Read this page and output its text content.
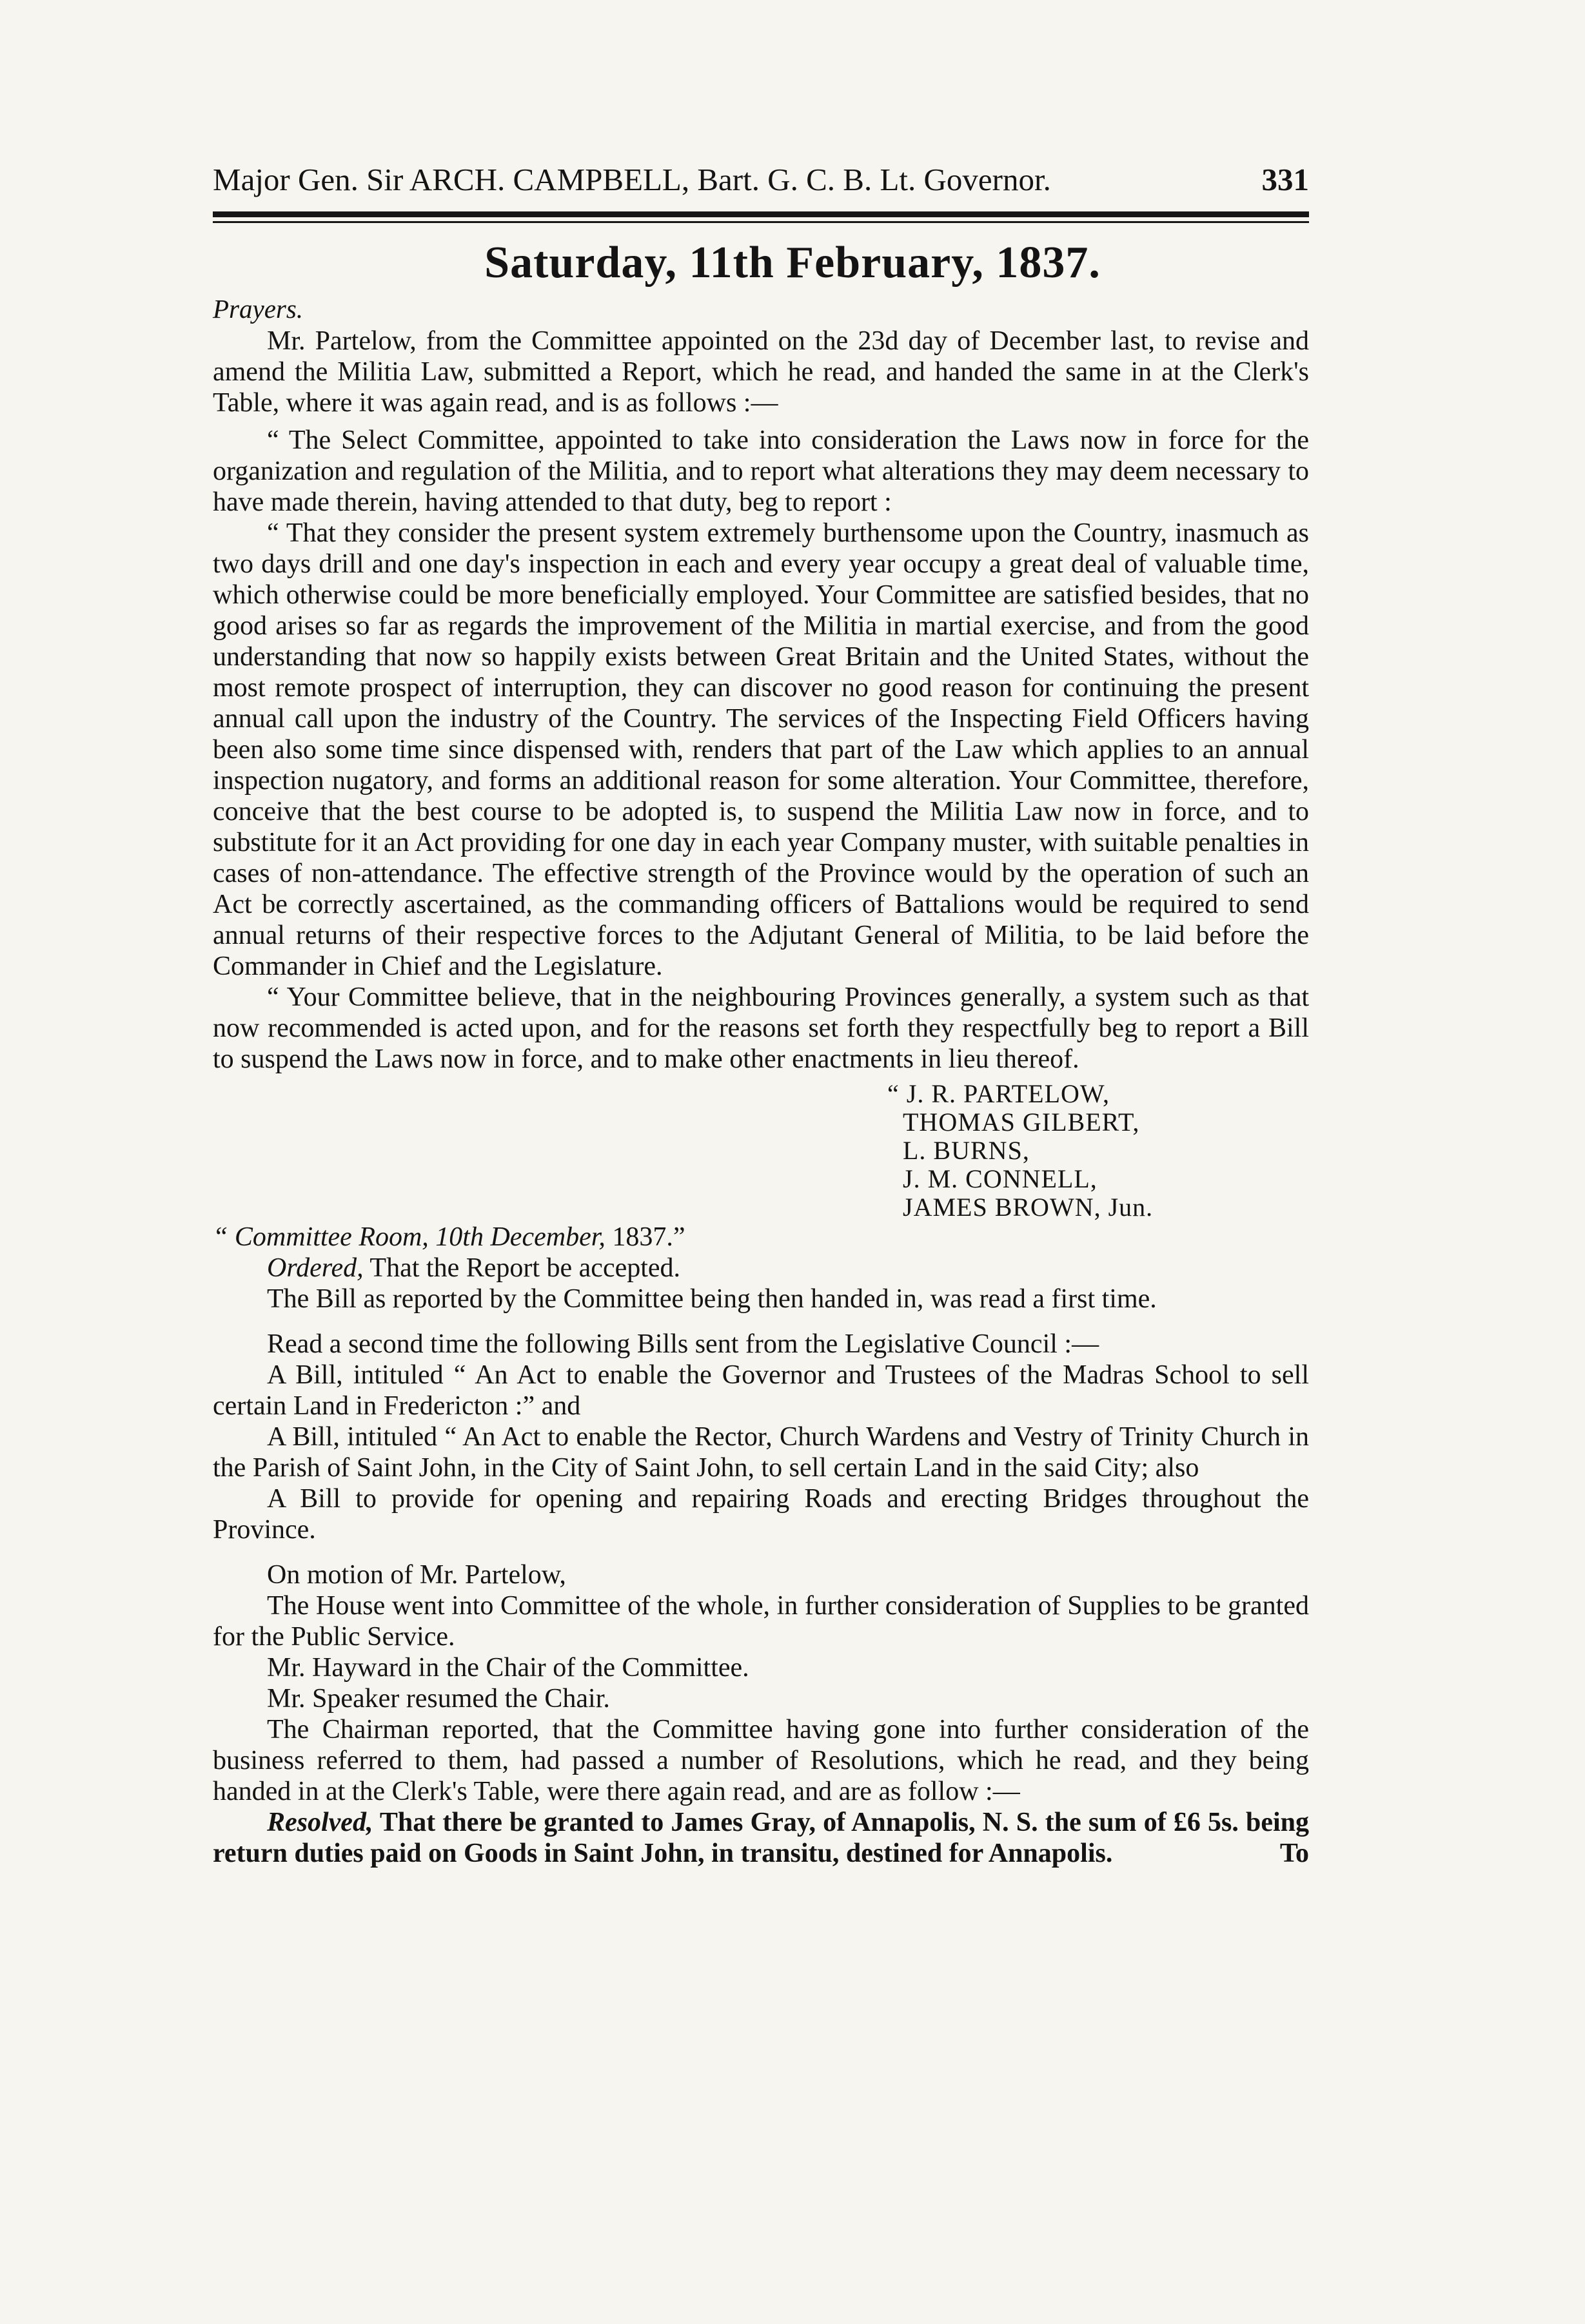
Major Gen. Sir ARCH. CAMPBELL, Bart. G. C. B. Lt. Governor.	331
Saturday, 11th February, 1837.
Prayers.

Mr. Partelow, from the Committee appointed on the 23d day of December last, to revise and amend the Militia Law, submitted a Report, which he read, and handed the same in at the Clerk's Table, where it was again read, and is as follows :—

“ The Select Committee, appointed to take into consideration the Laws now in force for the organization and regulation of the Militia, and to report what alterations they may deem necessary to have made therein, having attended to that duty, beg to report :

“ That they consider the present system extremely burthensome upon the Country, inasmuch as two days drill and one day's inspection in each and every year occupy a great deal of valuable time, which otherwise could be more beneficially employed. Your Committee are satisfied besides, that no good arises so far as regards the improvement of the Militia in martial exercise, and from the good understanding that now so happily exists between Great Britain and the United States, without the most remote prospect of interruption, they can discover no good reason for continuing the present annual call upon the industry of the Country. The services of the Inspecting Field Officers having been also some time since dispensed with, renders that part of the Law which applies to an annual inspection nugatory, and forms an additional reason for some alteration. Your Committee, therefore, conceive that the best course to be adopted is, to suspend the Militia Law now in force, and to substitute for it an Act providing for one day in each year Company muster, with suitable penalties in cases of non-attendance. The effective strength of the Province would by the operation of such an Act be correctly ascertained, as the commanding officers of Battalions would be required to send annual returns of their respective forces to the Adjutant General of Militia, to be laid before the Commander in Chief and the Legislature.

“ Your Committee believe, that in the neighbouring Provinces generally, a system such as that now recommended is acted upon, and for the reasons set forth they respectfully beg to report a Bill to suspend the Laws now in force, and to make other enactments in lieu thereof.

“ J. R. PARTELOW,
THOMAS GILBERT,
L. BURNS,
J. M. CONNELL,
JAMES BROWN, Jun.

“ Committee Room, 10th December, 1837.”

Ordered, That the Report be accepted.

The Bill as reported by the Committee being then handed in, was read a first time.

Read a second time the following Bills sent from the Legislative Council :—

A Bill, intituled “ An Act to enable the Governor and Trustees of the Madras School to sell certain Land in Fredericton :” and

A Bill, intituled “ An Act to enable the Rector, Church Wardens and Vestry of Trinity Church in the Parish of Saint John, in the City of Saint John, to sell certain Land in the said City; also

A Bill to provide for opening and repairing Roads and erecting Bridges throughout the Province.

On motion of Mr. Partelow,

The House went into Committee of the whole, in further consideration of Supplies to be granted for the Public Service.

Mr. Hayward in the Chair of the Committee.

Mr. Speaker resumed the Chair.

The Chairman reported, that the Committee having gone into further consideration of the business referred to them, had passed a number of Resolutions, which he read, and they being handed in at the Clerk's Table, were there again read, and are as follow :—

Resolved, That there be granted to James Gray, of Annapolis, N. S. the sum of £6 5s. being return duties paid on Goods in Saint John, in transitu, destined for Annapolis.	To
